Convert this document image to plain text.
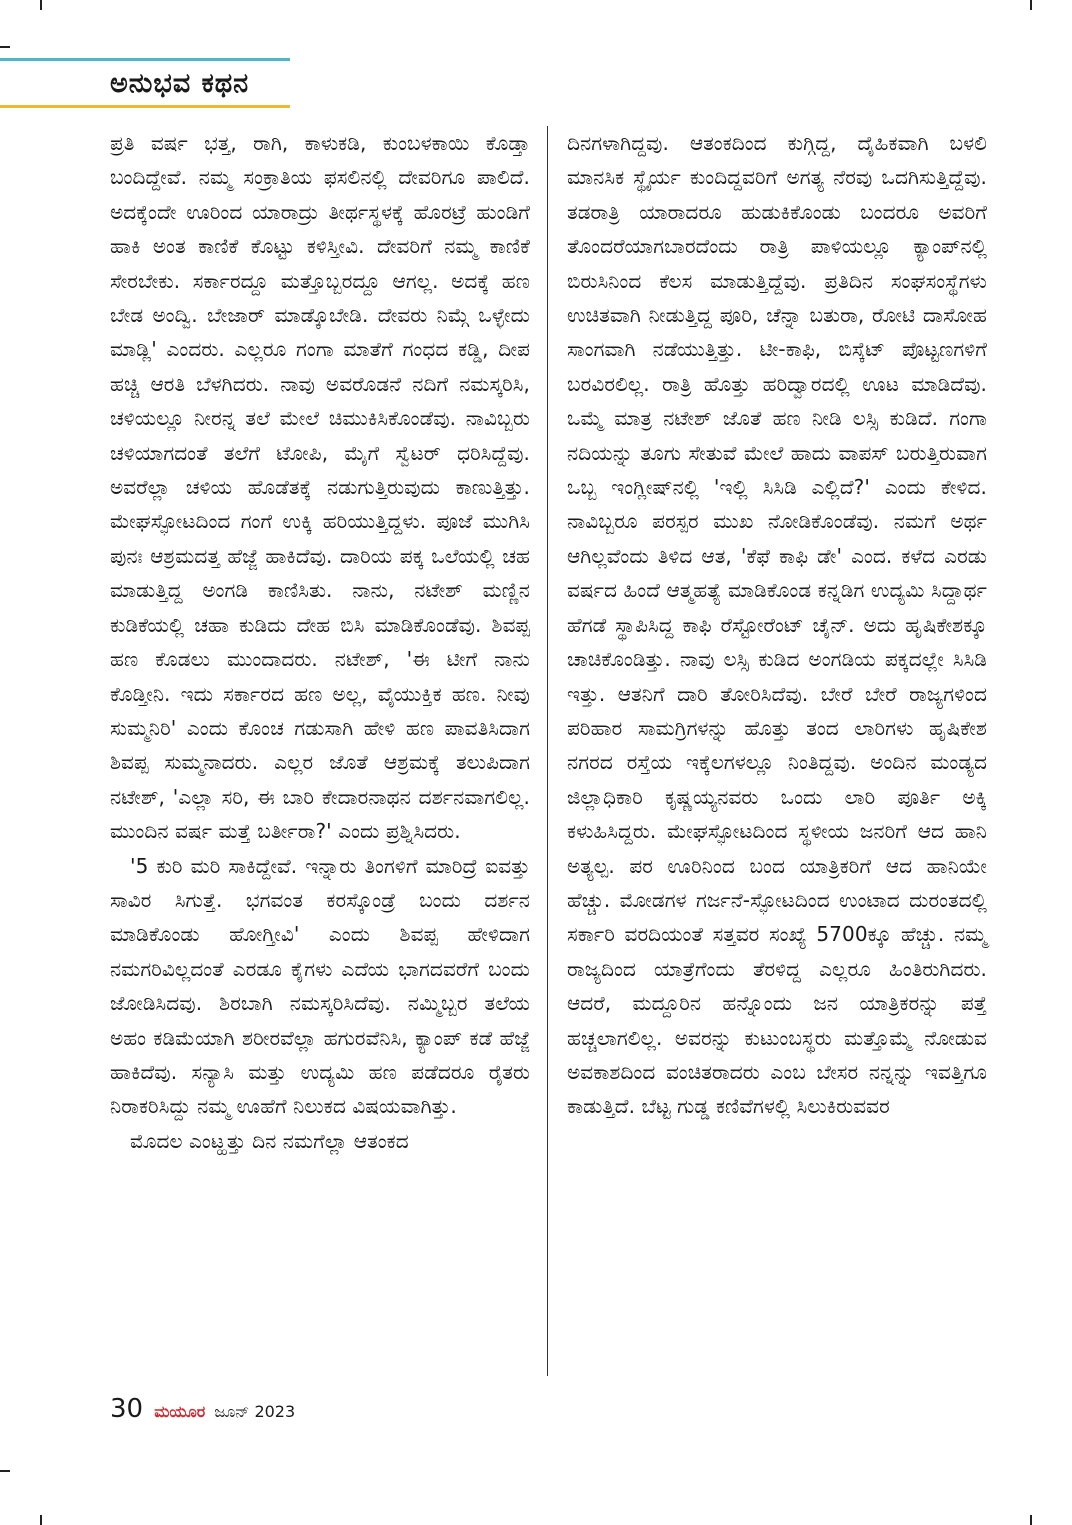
ಅನುಭವ ಕಥನ

ಪ್ರತಿ ವರ್ಷ ಭತ್ತ, ರಾಗಿ, ಕಾಳುಕಡಿ, ಕುಂಬಳಕಾಯಿ ಕೊಡ್ತಾ ಬಂದಿದ್ದೇವೆ. ನಮ್ಮ ಸಂಕ್ರಾತಿಯ ಫಸಲಿನಲ್ಲಿ ದೇವರಿಗೂ ಪಾಲಿದೆ. ಅದಕ್ಕೆಂದೇ ಊರಿಂದ ಯಾರಾದ್ರು ತೀರ್ಥಸ್ಥಳಕ್ಕೆ ಹೊರಟ್ರೆ ಹುಂಡಿಗೆ ಹಾಕಿ ಅಂತ ಕಾಣಿಕೆ ಕೊಟ್ಟು ಕಳಿಸ್ತೀವಿ. ದೇವರಿಗೆ ನಮ್ಮ ಕಾಣಿಕೆ ಸೇರಬೇಕು. ಸರ್ಕಾರದ್ದೂ ಮತ್ತೊಬ್ಬರದ್ದೂ ಆಗಲ್ಲ. ಅದಕ್ಕೆ ಹಣ ಬೇಡ ಅಂದ್ವಿ. ಬೇಜಾರ್ ಮಾಡ್ಕೊಬೇಡಿ. ದೇವರು ನಿಮ್ಗೆ ಒಳ್ಳೇದು ಮಾಡ್ಲಿ' ಎಂದರು. ಎಲ್ಲರೂ ಗಂಗಾ ಮಾತೆಗೆ ಗಂಧದ ಕಡ್ಡಿ, ದೀಪ ಹಚ್ಚಿ ಆರತಿ ಬೆಳಗಿದರು. ನಾವು ಅವರೊಡನೆ ನದಿಗೆ ನಮಸ್ಕರಿಸಿ, ಚಳಿಯಲ್ಲೂ ನೀರನ್ನ ತಲೆ ಮೇಲೆ ಚಿಮುಕಿಸಿಕೊಂಡೆವು. ನಾವಿಬ್ಬರು ಚಳಿಯಾಗದಂತೆ ತಲೆಗೆ ಟೋಪಿ, ಮೈಗೆ ಸ್ವೆಟರ್ ಧರಿಸಿದ್ದೆವು. ಅವರೆಲ್ಲಾ ಚಳಿಯ ಹೊಡೆತಕ್ಕೆ ನಡುಗುತ್ತಿರುವುದು ಕಾಣುತ್ತಿತ್ತು. ಮೇಘಸ್ಫೋಟದಿಂದ ಗಂಗೆ ಉಕ್ಕಿ ಹರಿಯುತ್ತಿದ್ದಳು. ಪೂಜೆ ಮುಗಿಸಿ ಪುನಃ ಆಶ್ರಮದತ್ತ ಹೆಜ್ಜೆ ಹಾಕಿದೆವು. ದಾರಿಯ ಪಕ್ಕ ಒಲೆಯಲ್ಲಿ ಚಹ ಮಾಡುತ್ತಿದ್ದ ಅಂಗಡಿ ಕಾಣಿಸಿತು. ನಾನು, ನಟೇಶ್ ಮಣ್ಣಿನ ಕುಡಿಕೆಯಲ್ಲಿ ಚಹಾ ಕುಡಿದು ದೇಹ ಬಿಸಿ ಮಾಡಿಕೊಂಡೆವು. ಶಿವಪ್ಪ ಹಣ ಕೊಡಲು ಮುಂದಾದರು. ನಟೇಶ್, 'ಈ ಟೀಗೆ ನಾನು ಕೊಡ್ತೀನಿ. ಇದು ಸರ್ಕಾರದ ಹಣ ಅಲ್ಲ, ವೈಯುಕ್ತಿಕ ಹಣ. ನೀವು ಸುಮ್ಮನಿರಿ' ಎಂದು ಕೊಂಚ ಗಡುಸಾಗಿ ಹೇಳಿ ಹಣ ಪಾವತಿಸಿದಾಗ ಶಿವಪ್ಪ ಸುಮ್ಮನಾದರು. ಎಲ್ಲರ ಜೊತೆ ಆಶ್ರಮಕ್ಕೆ ತಲುಪಿದಾಗ ನಟೇಶ್, 'ಎಲ್ಲಾ ಸರಿ, ಈ ಬಾರಿ ಕೇದಾರನಾಥನ ದರ್ಶನವಾಗಲಿಲ್ಲ. ಮುಂದಿನ ವರ್ಷ ಮತ್ತೆ ಬರ್ತೀರಾ?' ಎಂದು ಪ್ರಶ್ನಿಸಿದರು.

'5 ಕುರಿ ಮರಿ ಸಾಕಿದ್ದೇವೆ. ಇನ್ನಾರು ತಿಂಗಳಿಗೆ ಮಾರಿದ್ರೆ ಐವತ್ತು ಸಾವಿರ ಸಿಗುತ್ತೆ. ಭಗವಂತ ಕರಸ್ಕೊಂಡ್ರೆ ಬಂದು ದರ್ಶನ ಮಾಡಿಕೊಂಡು ಹೋಗ್ತೀವಿ' ಎಂದು ಶಿವಪ್ಪ ಹೇಳಿದಾಗ ನಮಗರಿವಿಲ್ಲದಂತೆ ಎರಡೂ ಕೈಗಳು ಎದೆಯ ಭಾಗದವರೆಗೆ ಬಂದು ಜೋಡಿಸಿದವು. ಶಿರಬಾಗಿ ನಮಸ್ಕರಿಸಿದೆವು. ನಮ್ಮಿಬ್ಬರ ತಲೆಯ ಅಹಂ ಕಡಿಮೆಯಾಗಿ ಶರೀರವೆಲ್ಲಾ ಹಗುರವೆನಿಸಿ, ಕ್ಯಾಂಪ್ ಕಡೆ ಹೆಜ್ಜೆ ಹಾಕಿದೆವು. ಸನ್ಯಾಸಿ ಮತ್ತು ಉದ್ಯಮಿ ಹಣ ಪಡೆದರೂ ರೈತರು ನಿರಾಕರಿಸಿದ್ದು ನಮ್ಮ ಊಹೆಗೆ ನಿಲುಕದ ವಿಷಯವಾಗಿತ್ತು.

ಮೊದಲ ಎಂಟ್ಹತ್ತು ದಿನ ನಮಗೆಲ್ಲಾ ಆತಂಕದ

ದಿನಗಳಾಗಿದ್ದವು. ಆತಂಕದಿಂದ ಕುಗ್ಗಿದ್ದ, ದೈಹಿಕವಾಗಿ ಬಳಲಿ ಮಾನಸಿಕ ಸ್ಥೈರ್ಯ ಕುಂದಿದ್ದವರಿಗೆ ಅಗತ್ಯ ನೆರವು ಒದಗಿಸುತ್ತಿದ್ದೆವು. ತಡರಾತ್ರಿ ಯಾರಾದರೂ ಹುಡುಕಿಕೊಂಡು ಬಂದರೂ ಅವರಿಗೆ ತೊಂದರೆಯಾಗಬಾರದೆಂದು ರಾತ್ರಿ ಪಾಳಿಯಲ್ಲೂ ಕ್ಯಾಂಪ್‌ನಲ್ಲಿ ಬಿರುಸಿನಿಂದ ಕೆಲಸ ಮಾಡುತ್ತಿದ್ದೆವು. ಪ್ರತಿದಿನ ಸಂಘಸಂಸ್ಥೆಗಳು ಉಚಿತವಾಗಿ ನೀಡುತ್ತಿದ್ದ ಪೂರಿ, ಚೆನ್ನಾ ಬತುರಾ, ರೋಟಿ ದಾಸೋಹ ಸಾಂಗವಾಗಿ ನಡೆಯುತ್ತಿತ್ತು. ಟೀ-ಕಾಫಿ, ಬಿಸ್ಕೆಟ್ ಪೊಟ್ಟಣಗಳಿಗೆ ಬರವಿರಲಿಲ್ಲ. ರಾತ್ರಿ ಹೊತ್ತು ಹರಿದ್ವಾರದಲ್ಲಿ ಊಟ ಮಾಡಿದೆವು. ಒಮ್ಮೆ ಮಾತ್ರ ನಟೇಶ್ ಜೊತೆ ಹಣ ನೀಡಿ ಲಸ್ಸಿ ಕುಡಿದೆ. ಗಂಗಾ ನದಿಯನ್ನು ತೂಗು ಸೇತುವೆ ಮೇಲೆ ಹಾದು ವಾಪಸ್ ಬರುತ್ತಿರುವಾಗ ಒಬ್ಬ ಇಂಗ್ಲೀಷ್‌ನಲ್ಲಿ 'ಇಲ್ಲಿ ಸಿಸಿಡಿ ಎಲ್ಲಿದೆ?' ಎಂದು ಕೇಳಿದ. ನಾವಿಬ್ಬರೂ ಪರಸ್ಪರ ಮುಖ ನೋಡಿಕೊಂಡೆವು. ನಮಗೆ ಅರ್ಥ ಆಗಿಲ್ಲವೆಂದು ತಿಳಿದ ಆತ, 'ಕೆಫೆ ಕಾಫಿ ಡೇ' ಎಂದ. ಕಳೆದ ಎರಡು ವರ್ಷದ ಹಿಂದೆ ಆತ್ಮಹತ್ಯೆ ಮಾಡಿಕೊಂಡ ಕನ್ನಡಿಗ ಉದ್ಯಮಿ ಸಿದ್ದಾರ್ಥ ಹೆಗಡೆ ಸ್ಥಾಪಿಸಿದ್ದ ಕಾಫಿ ರೆಸ್ಟೋರೆಂಟ್ ಚೈನ್. ಅದು ಹೃಷಿಕೇಶಕ್ಕೂ ಚಾಚಿಕೊಂಡಿತ್ತು. ನಾವು ಲಸ್ಸಿ ಕುಡಿದ ಅಂಗಡಿಯ ಪಕ್ಕದಲ್ಲೇ ಸಿಸಿಡಿ ಇತ್ತು. ಆತನಿಗೆ ದಾರಿ ತೋರಿಸಿದೆವು. ಬೇರೆ ಬೇರೆ ರಾಜ್ಯಗಳಿಂದ ಪರಿಹಾರ ಸಾಮಗ್ರಿಗಳನ್ನು ಹೊತ್ತು ತಂದ ಲಾರಿಗಳು ಹೃಷಿಕೇಶ ನಗರದ ರಸ್ತೆಯ ಇಕ್ಕೆಲಗಳಲ್ಲೂ ನಿಂತಿದ್ದವು. ಅಂದಿನ ಮಂಡ್ಯದ ಜಿಲ್ಲಾಧಿಕಾರಿ ಕೃಷ್ಣಯ್ಯನವರು ಒಂದು ಲಾರಿ ಪೂರ್ತಿ ಅಕ್ಕಿ ಕಳುಹಿಸಿದ್ದರು. ಮೇಘಸ್ಫೋಟದಿಂದ ಸ್ಥಳೀಯ ಜನರಿಗೆ ಆದ ಹಾನಿ ಅತ್ಯಲ್ಪ. ಪರ ಊರಿನಿಂದ ಬಂದ ಯಾತ್ರಿಕರಿಗೆ ಆದ ಹಾನಿಯೇ ಹೆಚ್ಚು. ಮೋಡಗಳ ಗರ್ಜನೆ-ಸ್ಫೋಟದಿಂದ ಉಂಟಾದ ದುರಂತದಲ್ಲಿ ಸರ್ಕಾರಿ ವರದಿಯಂತೆ ಸತ್ತವರ ಸಂಖ್ಯೆ 5700ಕ್ಕೂ ಹೆಚ್ಚು. ನಮ್ಮ ರಾಜ್ಯದಿಂದ ಯಾತ್ರೆಗೆಂದು ತೆರಳಿದ್ದ ಎಲ್ಲರೂ ಹಿಂತಿರುಗಿದರು. ಆದರೆ, ಮದ್ದೂರಿನ ಹನ್ನೊಂದು ಜನ ಯಾತ್ರಿಕರನ್ನು ಪತ್ತೆ ಹಚ್ಚಲಾಗಲಿಲ್ಲ. ಅವರನ್ನು ಕುಟುಂಬಸ್ಥರು ಮತ್ತೊಮ್ಮೆ ನೋಡುವ ಅವಕಾಶದಿಂದ ವಂಚಿತರಾದರು ಎಂಬ ಬೇಸರ ನನ್ನನ್ನು ಇವತ್ತಿಗೂ ಕಾಡುತ್ತಿದೆ. ಬೆಟ್ಟ ಗುಡ್ಡ ಕಣಿವೆಗಳಲ್ಲಿ ಸಿಲುಕಿರುವವರ

30 ಮಯೂರ ಜೂನ್ 2023
